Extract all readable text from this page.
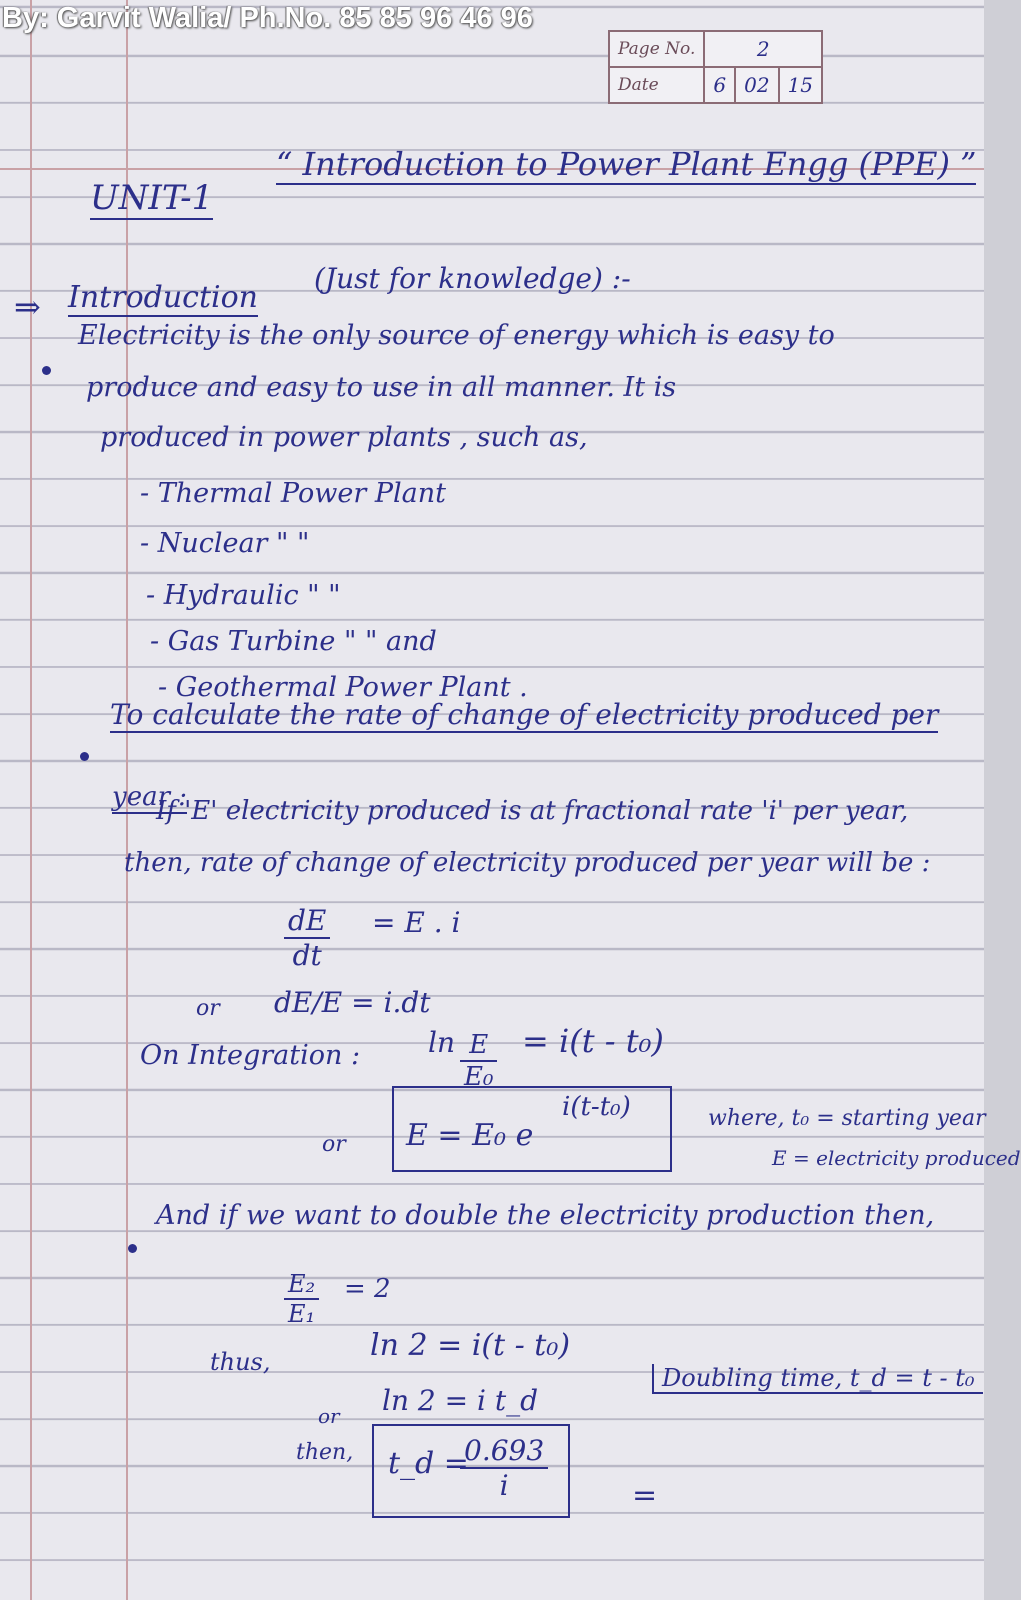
By: Garvit Walia/ Ph.No. 85 85 96 46 96
Page No.	2		
Date	6	02	15
UNIT-1
“ Introduction to Power Plant Engg (PPE) ”
⇒ Introduction
(Just for knowledge) :-
Electricity is the only source of energy which is easy to
produce and easy to use in all manner. It is
produced in power plants , such as,
- Thermal Power Plant
- Nuclear " "
- Hydraulic " "
- Gas Turbine " " and
- Geothermal Power Plant .
To calculate the rate of change of electricity produced per
year :
If 'E' electricity produced is at fractional rate 'i' per year,
then, rate of change of electricity produced per year will be :
$\frac{dE}{dt} = E$ . i
or dE/E = i.dt
On Integration : $\ln \frac{E}{\text{E₀}} = i(t - t_0)$
or E = E₀ e
i(t-t₀)	where, t₀ = starting year
E = electricity produced
And if we want to double the electricity production then,
$\frac{\text{E₂}}{\text{E₁}} = 2$
thus,	ln 2 = i(t - t₀)
or ln 2 = i t_d
Doubling time, t_d = t - t₀
then, t_d =
$\frac{0.693}{i}$	=
